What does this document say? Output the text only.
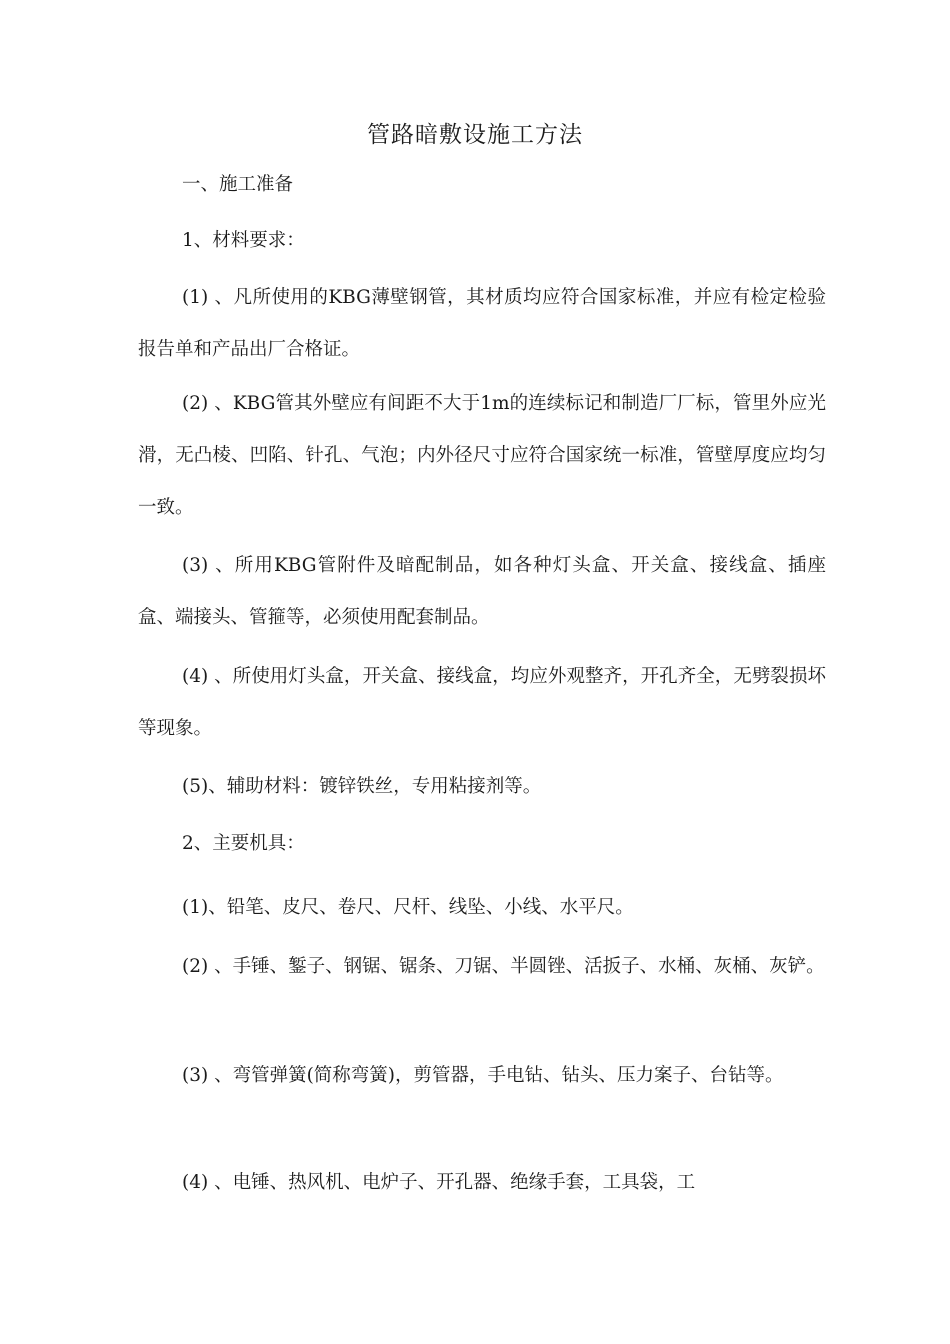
管路暗敷设施工方法

一、施工准备

1、材料要求：

(1) 、凡所使用的KBG薄壁钢管，其材质均应符合国家标准，并应有检定检验报告单和产品出厂合格证。

(2) 、KBG管其外壁应有间距不大于1m的连续标记和制造厂厂标，管里外应光滑，无凸棱、凹陷、针孔、气泡；内外径尺寸应符合国家统一标准，管壁厚度应均匀一致。

(3) 、所用KBG管附件及暗配制品，如各种灯头盒、开关盒、接线盒、插座盒、端接头、管箍等，必须使用配套制品。

(4) 、所使用灯头盒，开关盒、接线盒，均应外观整齐，开孔齐全，无劈裂损坏等现象。

(5)、辅助材料：镀锌铁丝，专用粘接剂等。

2、主要机具：

(1)、铅笔、皮尺、卷尺、尺杆、线坠、小线、水平尺。

(2) 、手锤、錾子、钢锯、锯条、刀锯、半圆锉、活扳子、水桶、灰桶、灰铲。

(3) 、弯管弹簧(简称弯簧)，剪管器，手电钻、钻头、压力案子、台钻等。

(4) 、电锤、热风机、电炉子、开孔器、绝缘手套，工具袋，工
